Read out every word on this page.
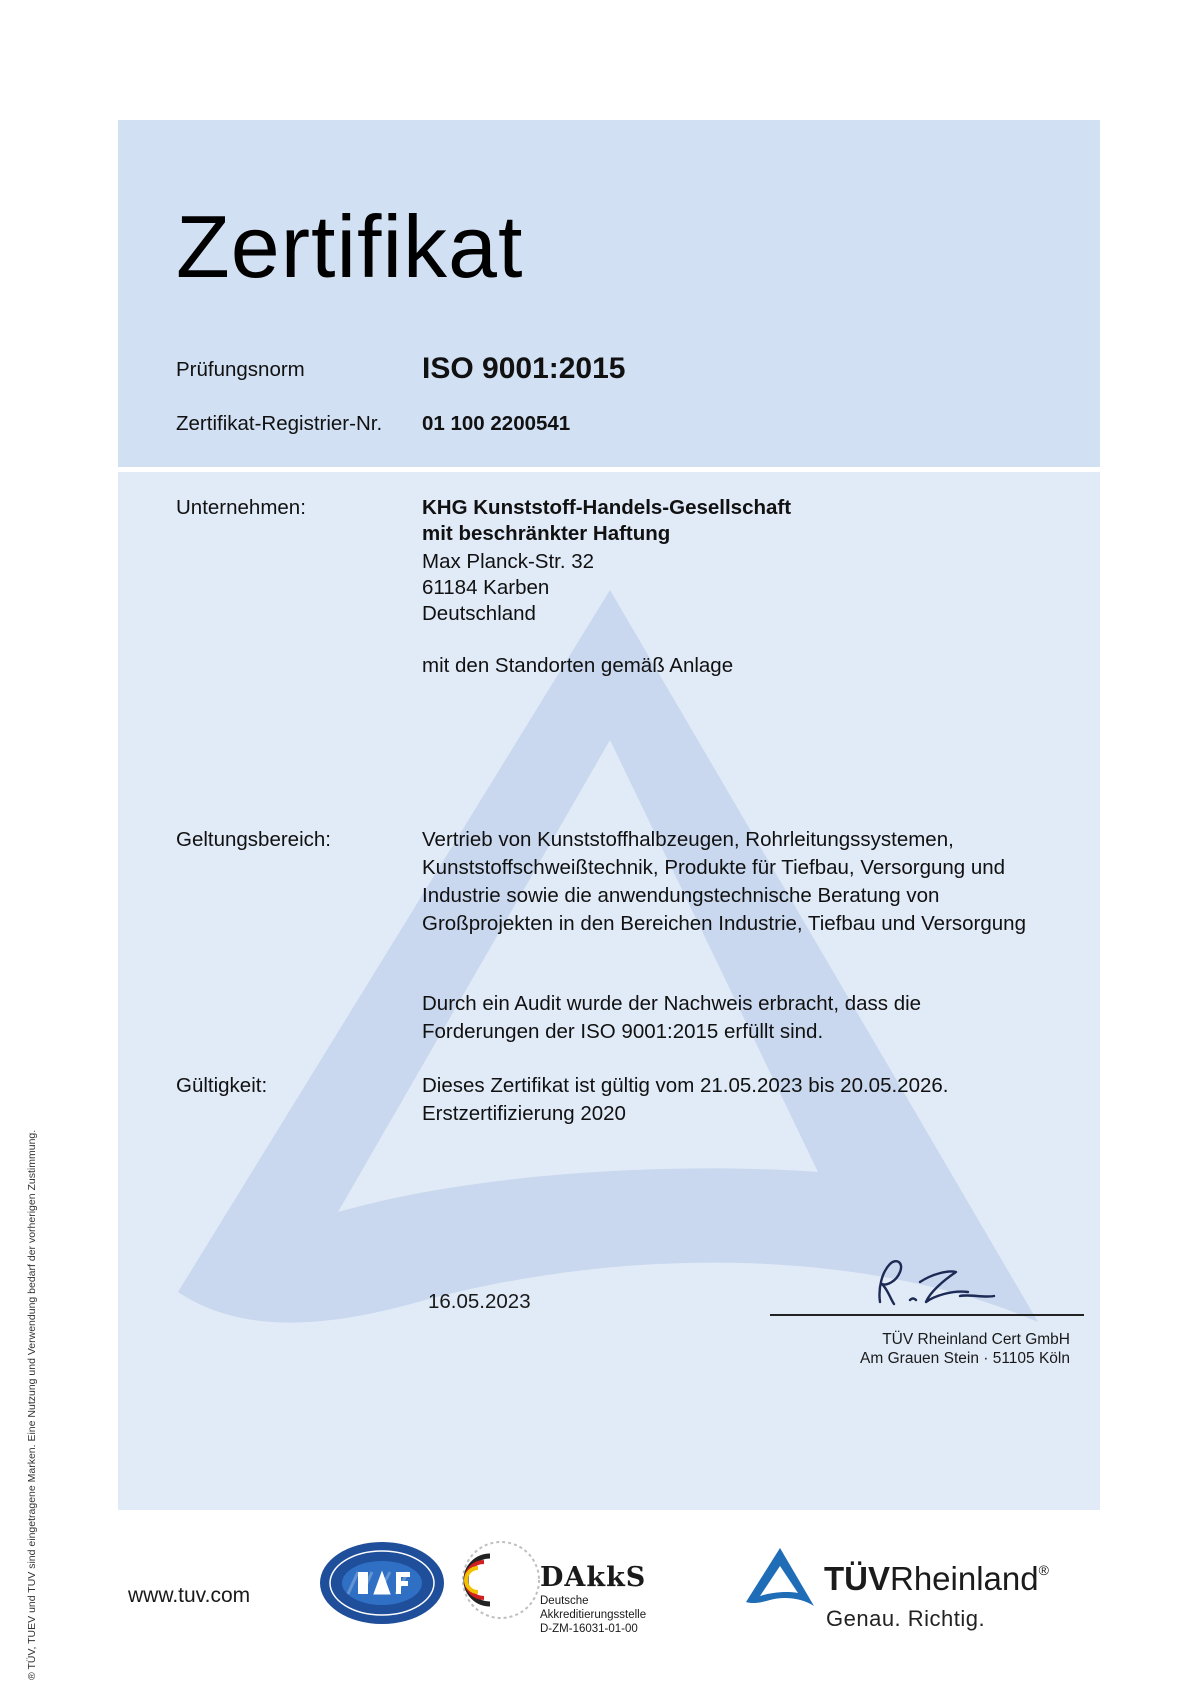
® TÜV, TUEV und TUV sind eingetragene Marken. Eine Nutzung und Verwendung bedarf der vorherigen Zustimmung.
Zertifikat
Prüfungsnorm	ISO 9001:2015
Zertifikat-Registrier-Nr. 01 100 2200541
Unternehmen:	KHG Kunststoff-Handels-Gesellschaft
mit beschränkter Haftung
Max Planck-Str. 32
61184 Karben
Deutschland
mit den Standorten gemäß Anlage
Geltungsbereich:	Vertrieb von Kunststoffhalbzeugen, Rohrleitungssystemen,
Kunststoffschweißtechnik, Produkte für Tiefbau, Versorgung und
Industrie sowie die anwendungstechnische Beratung von
Großprojekten in den Bereichen Industrie, Tiefbau und Versorgung
Durch ein Audit wurde der Nachweis erbracht, dass die
Forderungen der ISO 9001:2015 erfüllt sind.
Gültigkeit:	Dieses Zertifikat ist gültig vom 21.05.2023 bis 20.05.2026.
Erstzertifizierung 2020
16.05.2023
TÜV Rheinland Cert GmbH
Am Grauen Stein · 51105 Köln
www.tuv.com
DAkkS
Deutsche
Akkreditierungsstelle
D-ZM-16031-01-00
TÜVRheinland®
Genau. Richtig.
